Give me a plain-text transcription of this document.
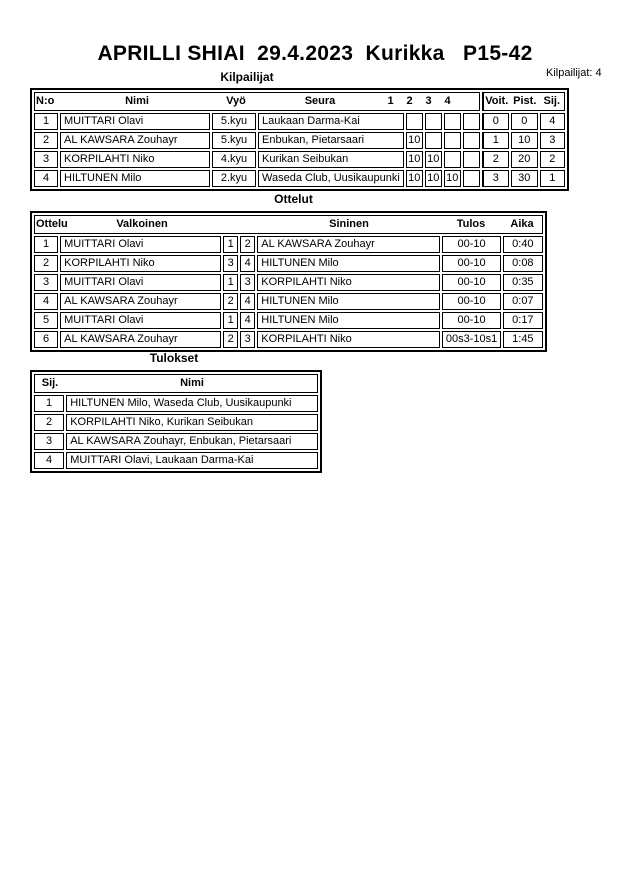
APRILLI SHIAI  29.4.2023  Kurikka   P15-42
Kilpailijat: 4
Kilpailijat
N:o	Nimi	Vyö	Seura	1	2	3	4	Voit. Pist. Sij.

1	MUITTARI Olavi	5.kyu	Laukaan Darma-Kai					0	0	4
2	AL KAWSARA Zouhayr	5.kyu	Enbukan, Pietarsaari	10				1	10	3
3	KORPILAHTI Niko	4.kyu	Kurikan Seibukan	10	10			2	20	2
4	HILTUNEN Milo	2.kyu	Waseda Club, Uusikaupunki	10	10	10		3	30	1
Ottelut
Ottelu Valkoinen Sininen Tulos Aika						

1	MUITTARI Olavi	1	2	AL KAWSARA Zouhayr	00-10	0:40
2	KORPILAHTI Niko	3	4	HILTUNEN Milo	00-10	0:08
3	MUITTARI Olavi	1	3	KORPILAHTI Niko	00-10	0:35
4	AL KAWSARA Zouhayr	2	4	HILTUNEN Milo	00-10	0:07
5	MUITTARI Olavi	1	4	HILTUNEN Milo	00-10	0:17
6	AL KAWSARA Zouhayr	2	3	KORPILAHTI Niko	00s3-10s1	1:45
Tulokset
Sij. Nimi	

1	HILTUNEN Milo, Waseda Club, Uusikaupunki
2	KORPILAHTI Niko, Kurikan Seibukan
3	AL KAWSARA Zouhayr, Enbukan, Pietarsaari
4	MUITTARI Olavi, Laukaan Darma-Kai
